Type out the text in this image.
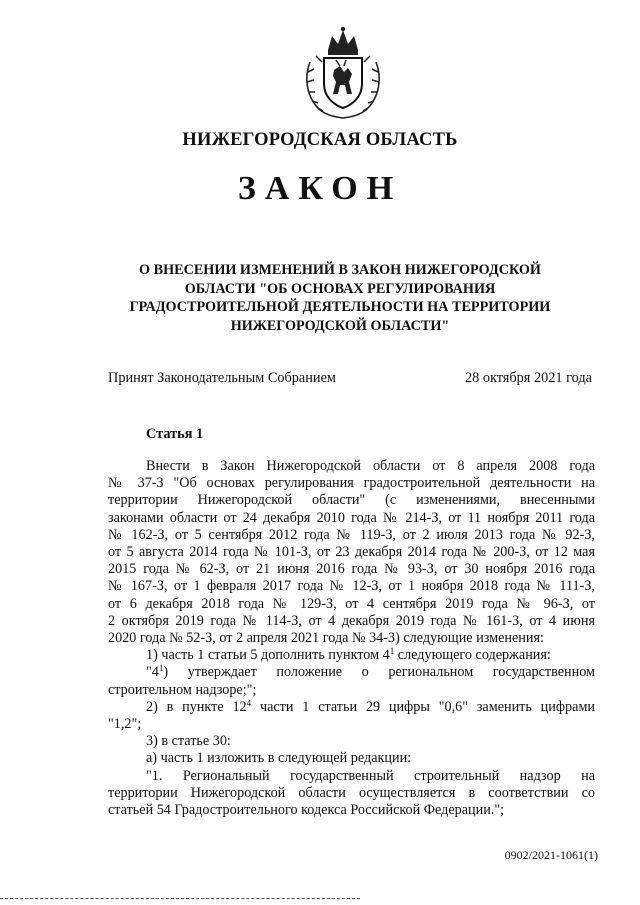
НИЖЕГОРОДСКАЯ ОБЛАСТЬ
ЗАКОН
О ВНЕСЕНИИ ИЗМЕНЕНИЙ В ЗАКОН НИЖЕГОРОДСКОЙ
ОБЛАСТИ "ОБ ОСНОВАХ РЕГУЛИРОВАНИЯ
ГРАДОСТРОИТЕЛЬНОЙ ДЕЯТЕЛЬНОСТИ НА ТЕРРИТОРИИ
НИЖЕГОРОДСКОЙ ОБЛАСТИ"
Принят Законодательным Собранием	28 октября 2021 года
Статья 1
Внести в Закон Нижегородской области от 8 апреля 2008 года
№ 37-З "Об основах регулирования градостроительной деятельности на
территории Нижегородской области" (с изменениями, внесенными
законами области от 24 декабря 2010 года № 214-З, от 11 ноября 2011 года
№ 162-З, от 5 сентября 2012 года № 119-З, от 2 июля 2013 года № 92-З,
от 5 августа 2014 года № 101-З, от 23 декабря 2014 года № 200-З, от 12 мая
2015 года № 62-З, от 21 июня 2016 года № 93-З, от 30 ноября 2016 года
№ 167-З, от 1 февраля 2017 года № 12-З, от 1 ноября 2018 года № 111-З,
от 6 декабря 2018 года № 129-З, от 4 сентября 2019 года № 96-З, от
2 октября 2019 года № 114-З, от 4 декабря 2019 года № 161-З, от 4 июня
2020 года № 52-З, от 2 апреля 2021 года № 34-З) следующие изменения:
1) часть 1 статьи 5 дополнить пунктом $4^1$ следующего содержания:
"$4^1$) утверждает положение о региональном государственном
строительном надзоре;";
2) в пункте $12^4$ части 1 статьи 29 цифры "0,6" заменить цифрами
"1,2";
3) в статье 30:
а) часть 1 изложить в следующей редакции:
"1. Региональный государственный строительный надзор на
территории Нижегородской области осуществляется в соответствии со
статьей 54 Градостроительного кодекса Российской Федерации.";
0902/2021-1061(1)
